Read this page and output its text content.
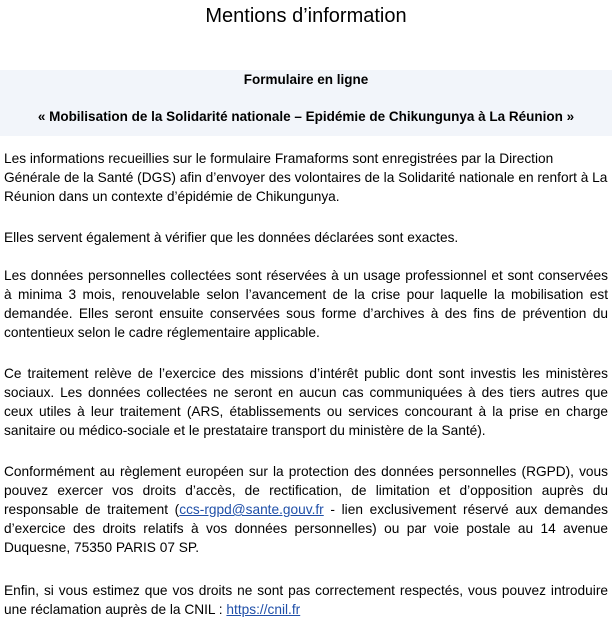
Mentions d’information
Formulaire en ligne
« Mobilisation de la Solidarité nationale – Epidémie de Chikungunya à La Réunion »

Les informations recueillies sur le formulaire Framaforms sont enregistrées par la Direction Générale de la Santé (DGS) afin d’envoyer des volontaires de la Solidarité nationale en renfort à La Réunion dans un contexte d’épidémie de Chikungunya.

Elles servent également à vérifier que les données déclarées sont exactes.

Les données personnelles collectées sont réservées à un usage professionnel et sont conservées à minima 3 mois, renouvelable selon l’avancement de la crise pour laquelle la mobilisation est demandée. Elles seront ensuite conservées sous forme d’archives à des fins de prévention du contentieux selon le cadre réglementaire applicable.

Ce traitement relève de l’exercice des missions d’intérêt public dont sont investis les ministères sociaux. Les données collectées ne seront en aucun cas communiquées à des tiers autres que ceux utiles à leur traitement (ARS, établissements ou services concourant à la prise en charge sanitaire ou médico-sociale et le prestataire transport du ministère de la Santé).

Conformément au règlement européen sur la protection des données personnelles (RGPD), vous pouvez exercer vos droits d’accès, de rectification, de limitation et d’opposition auprès du responsable de traitement (ccs-rgpd@sante.gouv.fr - lien exclusivement réservé aux demandes d’exercice des droits relatifs à vos données personnelles) ou par voie postale au 14 avenue Duquesne, 75350 PARIS 07 SP.

Enfin, si vous estimez que vos droits ne sont pas correctement respectés, vous pouvez introduire une réclamation auprès de la CNIL : https://cnil.fr
